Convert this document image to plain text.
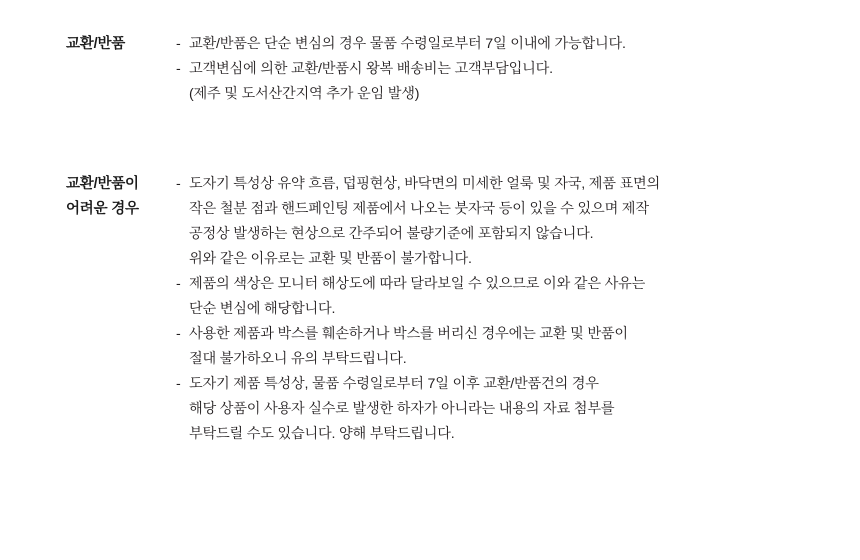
교환/반품	- 교환/반품은 단순 변심의 경우 물품 수령일로부터 7일 이내에 가능합니다.
- 고객변심에 의한 교환/반품시 왕복 배송비는 고객부담입니다.
(제주 및 도서산간지역 추가 운임 발생)
교환/반품이
어려운 경우
- 도자기 특성상 유약 흐름, 덥핑현상, 바닥면의 미세한 얼룩 및 자국, 제품 표면의
작은 철분 점과 핸드페인팅 제품에서 나오는 붓자국 등이 있을 수 있으며 제작
공정상 발생하는 현상으로 간주되어 불량기준에 포함되지 않습니다.
위와 같은 이유로는 교환 및 반품이 불가합니다.
- 제품의 색상은 모니터 해상도에 따라 달라보일 수 있으므로 이와 같은 사유는
단순 변심에 해당합니다.
- 사용한 제품과 박스를 훼손하거나 박스를 버리신 경우에는 교환 및 반품이
절대 불가하오니 유의 부탁드립니다.
- 도자기 제품 특성상, 물품 수령일로부터 7일 이후 교환/반품건의 경우
해당 상품이 사용자 실수로 발생한 하자가 아니라는 내용의 자료 첨부를
부탁드릴 수도 있습니다. 양해 부탁드립니다.
